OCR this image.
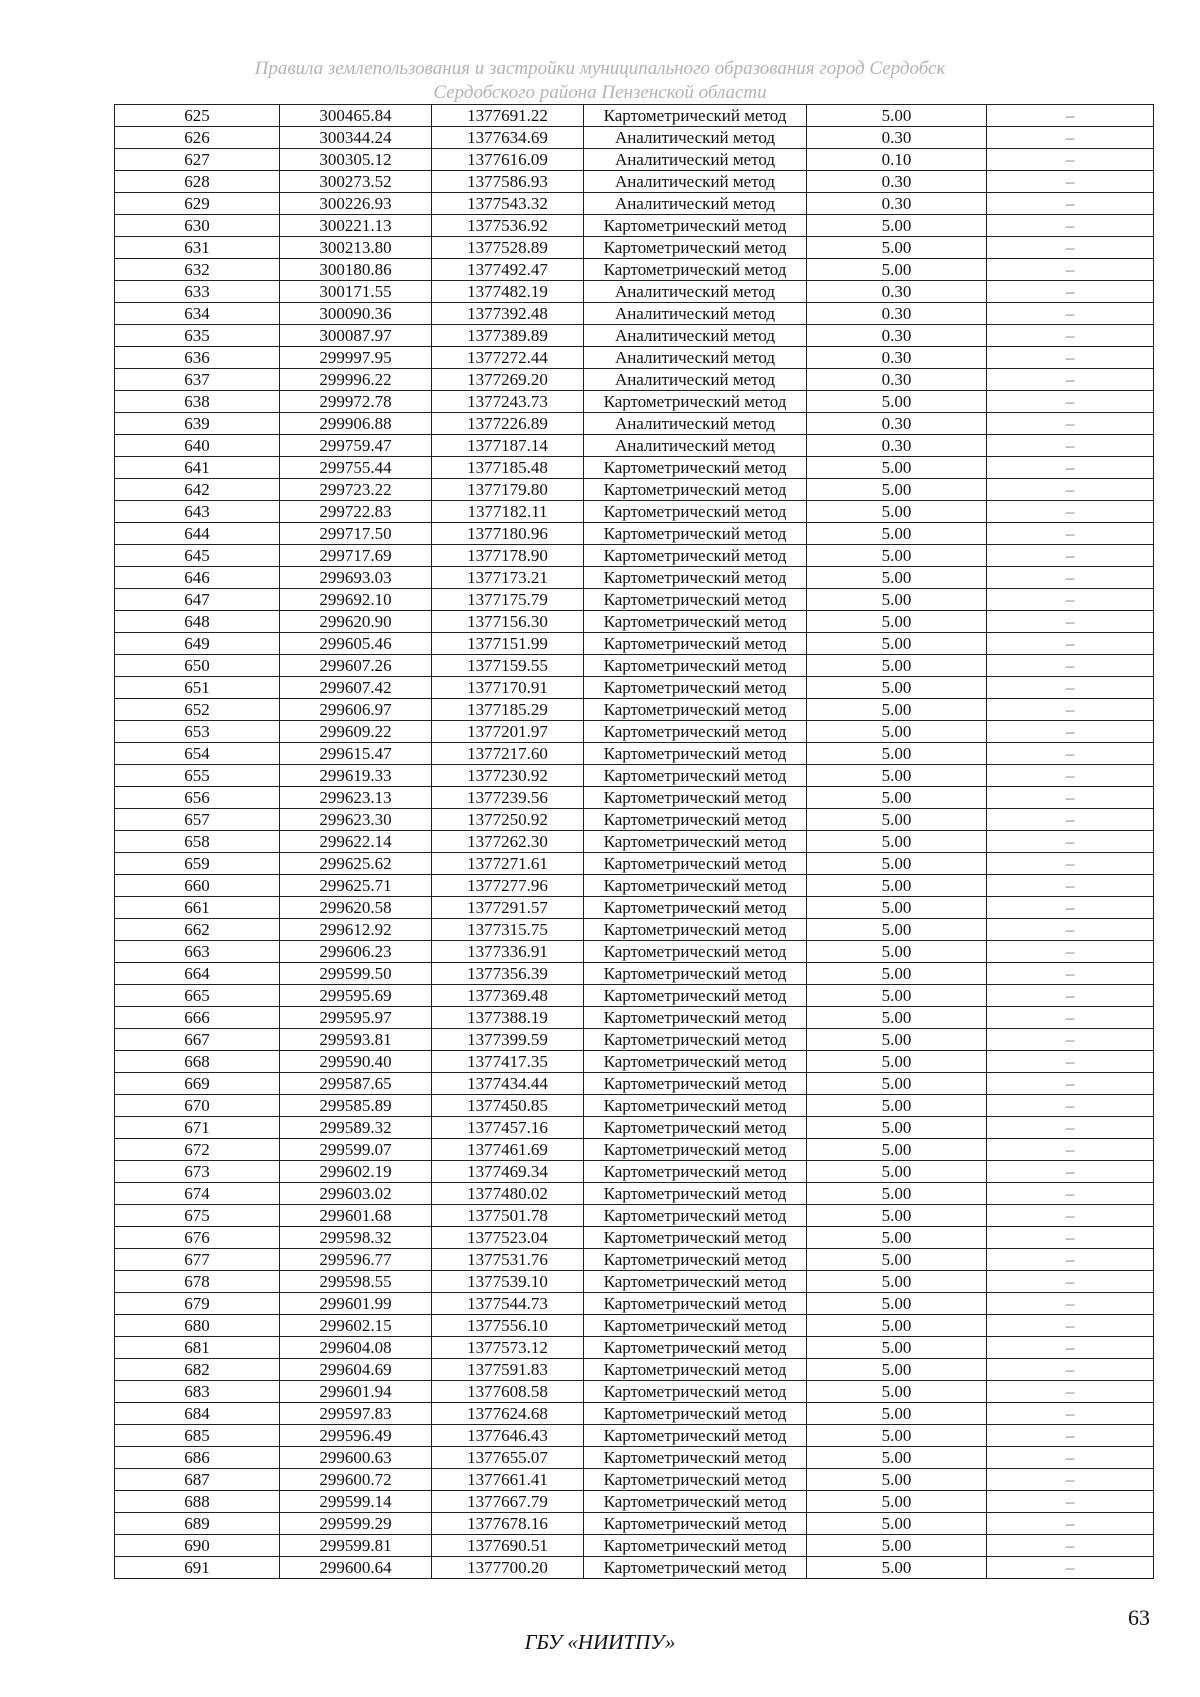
Правила землепользования и застройки муниципального образования город Сердобск
Сердобского района Пензенской области
625	300465.84	1377691.22	Картометрический метод	5.00	–
626	300344.24	1377634.69	Аналитический метод	0.30	–
627	300305.12	1377616.09	Аналитический метод	0.10	–
628	300273.52	1377586.93	Аналитический метод	0.30	–
629	300226.93	1377543.32	Аналитический метод	0.30	–
630	300221.13	1377536.92	Картометрический метод	5.00	–
631	300213.80	1377528.89	Картометрический метод	5.00	–
632	300180.86	1377492.47	Картометрический метод	5.00	–
633	300171.55	1377482.19	Аналитический метод	0.30	–
634	300090.36	1377392.48	Аналитический метод	0.30	–
635	300087.97	1377389.89	Аналитический метод	0.30	–
636	299997.95	1377272.44	Аналитический метод	0.30	–
637	299996.22	1377269.20	Аналитический метод	0.30	–
638	299972.78	1377243.73	Картометрический метод	5.00	–
639	299906.88	1377226.89	Аналитический метод	0.30	–
640	299759.47	1377187.14	Аналитический метод	0.30	–
641	299755.44	1377185.48	Картометрический метод	5.00	–
642	299723.22	1377179.80	Картометрический метод	5.00	–
643	299722.83	1377182.11	Картометрический метод	5.00	–
644	299717.50	1377180.96	Картометрический метод	5.00	–
645	299717.69	1377178.90	Картометрический метод	5.00	–
646	299693.03	1377173.21	Картометрический метод	5.00	–
647	299692.10	1377175.79	Картометрический метод	5.00	–
648	299620.90	1377156.30	Картометрический метод	5.00	–
649	299605.46	1377151.99	Картометрический метод	5.00	–
650	299607.26	1377159.55	Картометрический метод	5.00	–
651	299607.42	1377170.91	Картометрический метод	5.00	–
652	299606.97	1377185.29	Картометрический метод	5.00	–
653	299609.22	1377201.97	Картометрический метод	5.00	–
654	299615.47	1377217.60	Картометрический метод	5.00	–
655	299619.33	1377230.92	Картометрический метод	5.00	–
656	299623.13	1377239.56	Картометрический метод	5.00	–
657	299623.30	1377250.92	Картометрический метод	5.00	–
658	299622.14	1377262.30	Картометрический метод	5.00	–
659	299625.62	1377271.61	Картометрический метод	5.00	–
660	299625.71	1377277.96	Картометрический метод	5.00	–
661	299620.58	1377291.57	Картометрический метод	5.00	–
662	299612.92	1377315.75	Картометрический метод	5.00	–
663	299606.23	1377336.91	Картометрический метод	5.00	–
664	299599.50	1377356.39	Картометрический метод	5.00	–
665	299595.69	1377369.48	Картометрический метод	5.00	–
666	299595.97	1377388.19	Картометрический метод	5.00	–
667	299593.81	1377399.59	Картометрический метод	5.00	–
668	299590.40	1377417.35	Картометрический метод	5.00	–
669	299587.65	1377434.44	Картометрический метод	5.00	–
670	299585.89	1377450.85	Картометрический метод	5.00	–
671	299589.32	1377457.16	Картометрический метод	5.00	–
672	299599.07	1377461.69	Картометрический метод	5.00	–
673	299602.19	1377469.34	Картометрический метод	5.00	–
674	299603.02	1377480.02	Картометрический метод	5.00	–
675	299601.68	1377501.78	Картометрический метод	5.00	–
676	299598.32	1377523.04	Картометрический метод	5.00	–
677	299596.77	1377531.76	Картометрический метод	5.00	–
678	299598.55	1377539.10	Картометрический метод	5.00	–
679	299601.99	1377544.73	Картометрический метод	5.00	–
680	299602.15	1377556.10	Картометрический метод	5.00	–
681	299604.08	1377573.12	Картометрический метод	5.00	–
682	299604.69	1377591.83	Картометрический метод	5.00	–
683	299601.94	1377608.58	Картометрический метод	5.00	–
684	299597.83	1377624.68	Картометрический метод	5.00	–
685	299596.49	1377646.43	Картометрический метод	5.00	–
686	299600.63	1377655.07	Картометрический метод	5.00	–
687	299600.72	1377661.41	Картометрический метод	5.00	–
688	299599.14	1377667.79	Картометрический метод	5.00	–
689	299599.29	1377678.16	Картометрический метод	5.00	–
690	299599.81	1377690.51	Картометрический метод	5.00	–
691	299600.64	1377700.20	Картометрический метод	5.00	–
63
ГБУ «НИИТПУ»
